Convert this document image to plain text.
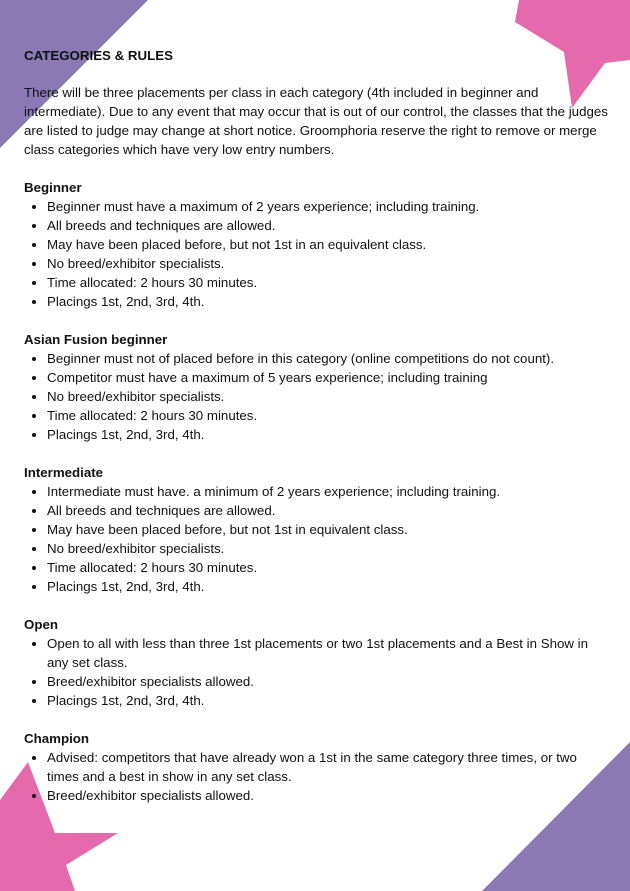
CATEGORIES & RULES

There will be three placements per class in each category (4th included in beginner and intermediate). Due to any event that may occur that is out of our control, the classes that the judges are listed to judge may change at short notice. Groomphoria reserve the right to remove or merge class categories which have very low entry numbers.

Beginner
Beginner must have a maximum of 2 years experience; including training.
All breeds and techniques are allowed.
May have been placed before, but not 1st in an equivalent class.
No breed/exhibitor specialists.
Time allocated: 2 hours 30 minutes.
Placings 1st, 2nd, 3rd, 4th.
Asian Fusion beginner
Beginner must not of placed before in this category (online competitions do not count).
Competitor must have a maximum of 5 years experience; including training
No breed/exhibitor specialists.
Time allocated: 2 hours 30 minutes.
Placings 1st, 2nd, 3rd, 4th.
Intermediate
Intermediate must have. a minimum of 2 years experience; including training.
All breeds and techniques are allowed.
May have been placed before, but not 1st in equivalent class.
No breed/exhibitor specialists.
Time allocated: 2 hours 30 minutes.
Placings 1st, 2nd, 3rd, 4th.
Open
Open to all with less than three 1st placements or two 1st placements and a Best in Show in any set class.
Breed/exhibitor specialists allowed.
Placings 1st, 2nd, 3rd, 4th.
Champion
Advised: competitors that have already won a 1st in the same category three times, or two times and a best in show in any set class.
Breed/exhibitor specialists allowed.
